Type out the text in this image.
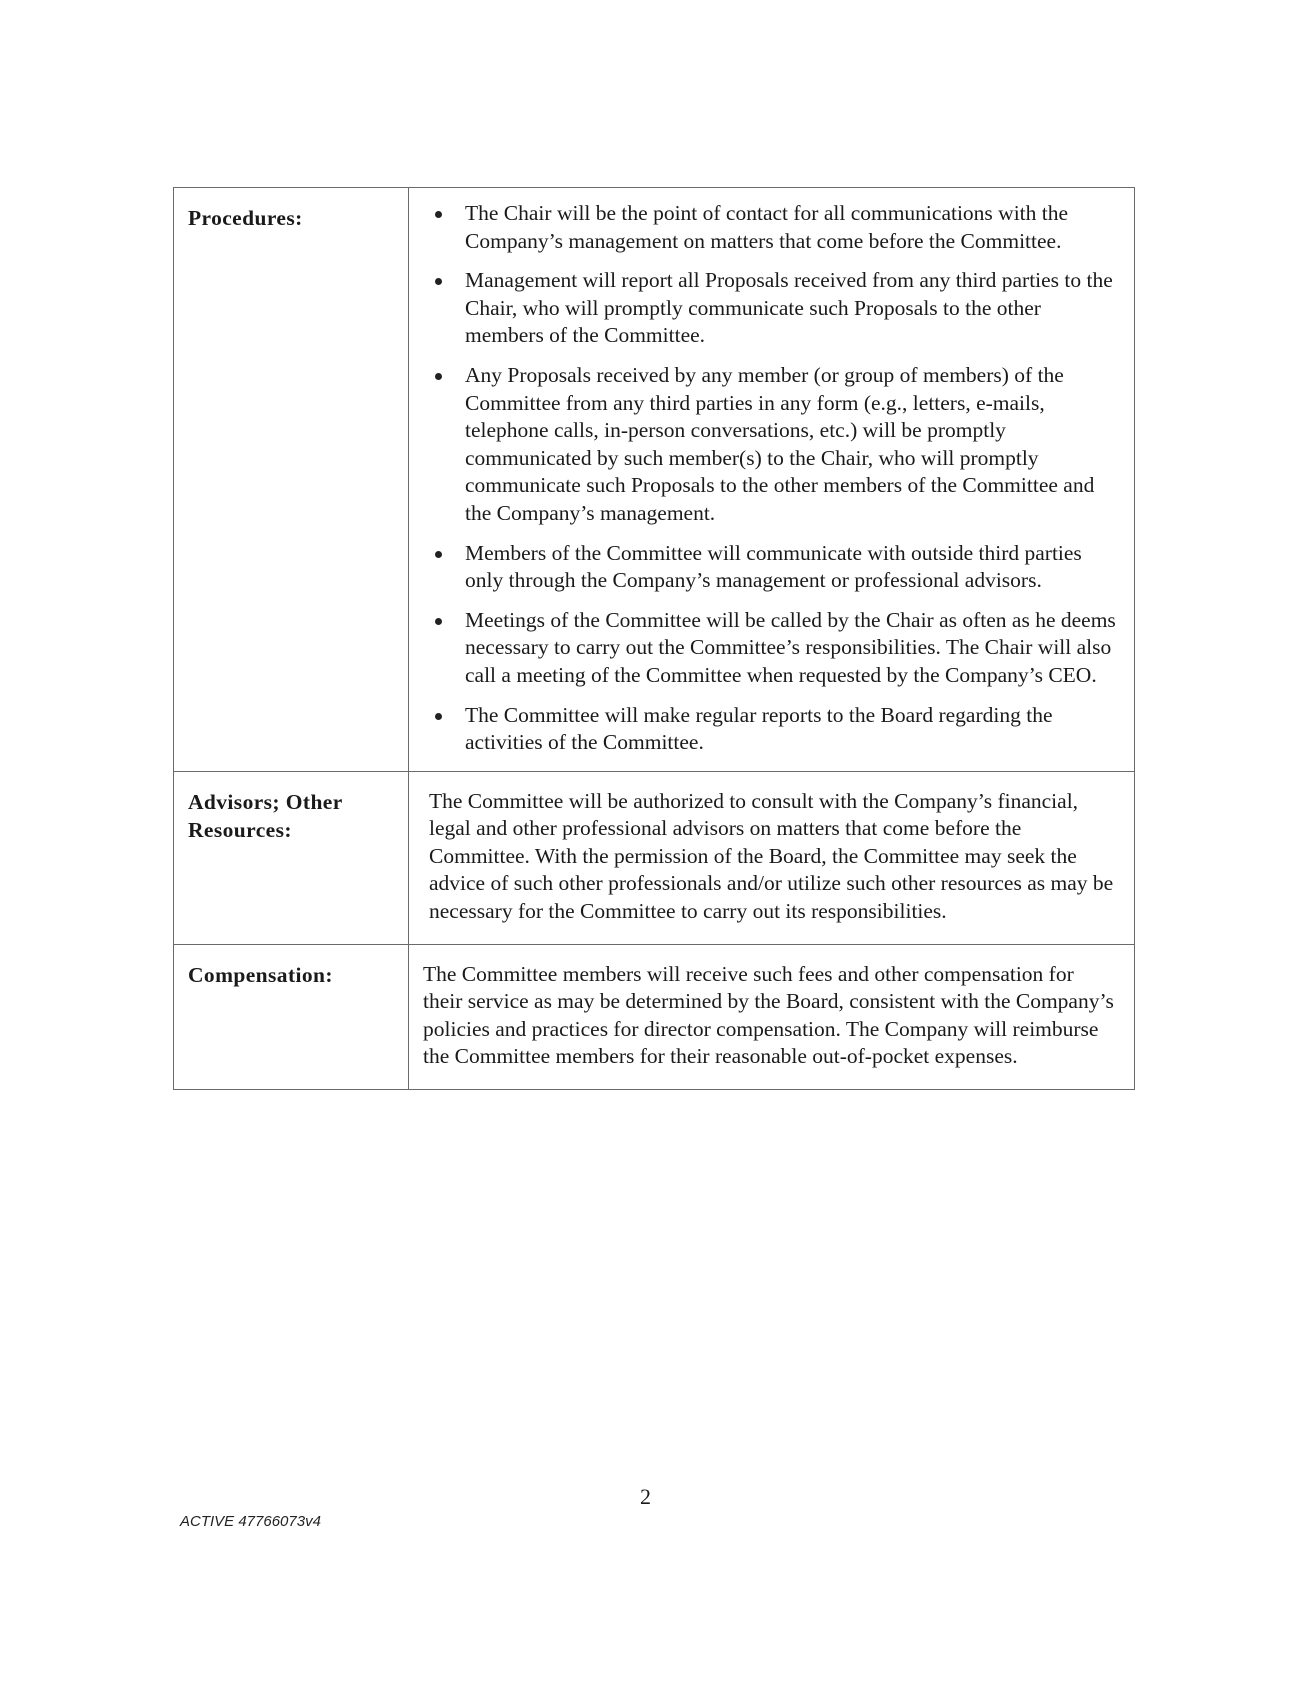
Procedures:	The Chair will be the point of contact for all communications with the Company’s management on matters that come before the Committee.
Management will report all Proposals received from any third parties to the Chair, who will promptly communicate such Proposals to the other members of the Committee.
Any Proposals received by any member (or group of members) of the Committee from any third parties in any form (e.g., letters, e-mails, telephone calls, in-person conversations, etc.) will be promptly communicated by such member(s) to the Chair, who will promptly communicate such Proposals to the other members of the Committee and the Company’s management.
Members of the Committee will communicate with outside third parties only through the Company’s management or professional advisors.
Meetings of the Committee will be called by the Chair as often as he deems necessary to carry out the Committee’s responsibilities. The Chair will also call a meeting of the Committee when requested by the Company’s CEO.
The Committee will make regular reports to the Board regarding the activities of the Committee.

Advisors; Other
Resources:	The Committee will be authorized to consult with the Company’s financial, legal and other professional advisors on matters that come before the Committee. With the permission of the Board, the Committee may seek the advice of such other professionals and/or utilize such other resources as may be necessary for the Committee to carry out its responsibilities.

Compensation:	The Committee members will receive such fees and other compensation for their service as may be determined by the Board, consistent with the Company’s policies and practices for director compensation. The Company will reimburse the Committee members for their reasonable out-of-pocket expenses.
2
ACTIVE 47766073v4
